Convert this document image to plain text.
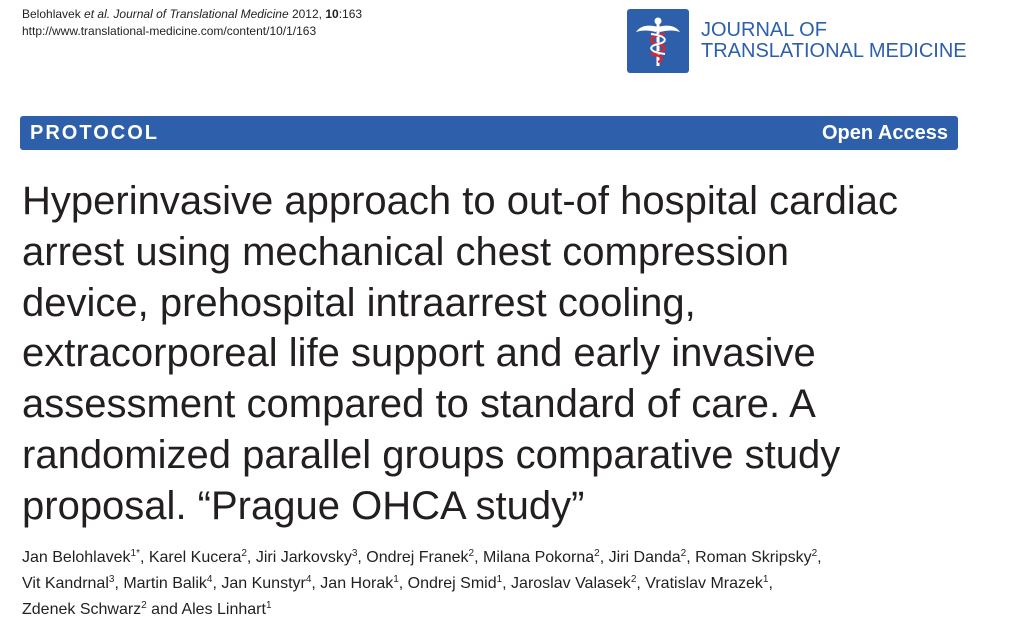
Belohlavek et al. Journal of Translational Medicine 2012, 10:163
http://www.translational-medicine.com/content/10/1/163	JOURNAL OF
TRANSLATIONAL MEDICINE
PROTOCOL	Open Access
Hyperinvasive approach to out-of hospital cardiac
arrest using mechanical chest compression
device, prehospital intraarrest cooling,
extracorporeal life support and early invasive
assessment compared to standard of care. A
randomized parallel groups comparative study
proposal. “Prague OHCA study”
Jan Belohlavek$^{1*}$, Karel Kucera$^2$, Jiri Jarkovsky$^3$, Ondrej Franek$^2$, Milana Pokorna$^2$, Jiri Danda$^2$, Roman Skripsky$^2$,
Vit Kandrnal$^3$, Martin Balik$^4$, Jan Kunstyr$^4$, Jan Horak$^1$, Ondrej Smid$^1$, Jaroslav Valasek$^2$, Vratislav Mrazek$^1$,
Zdenek Schwarz$^2$ and Ales Linhart$^1$
